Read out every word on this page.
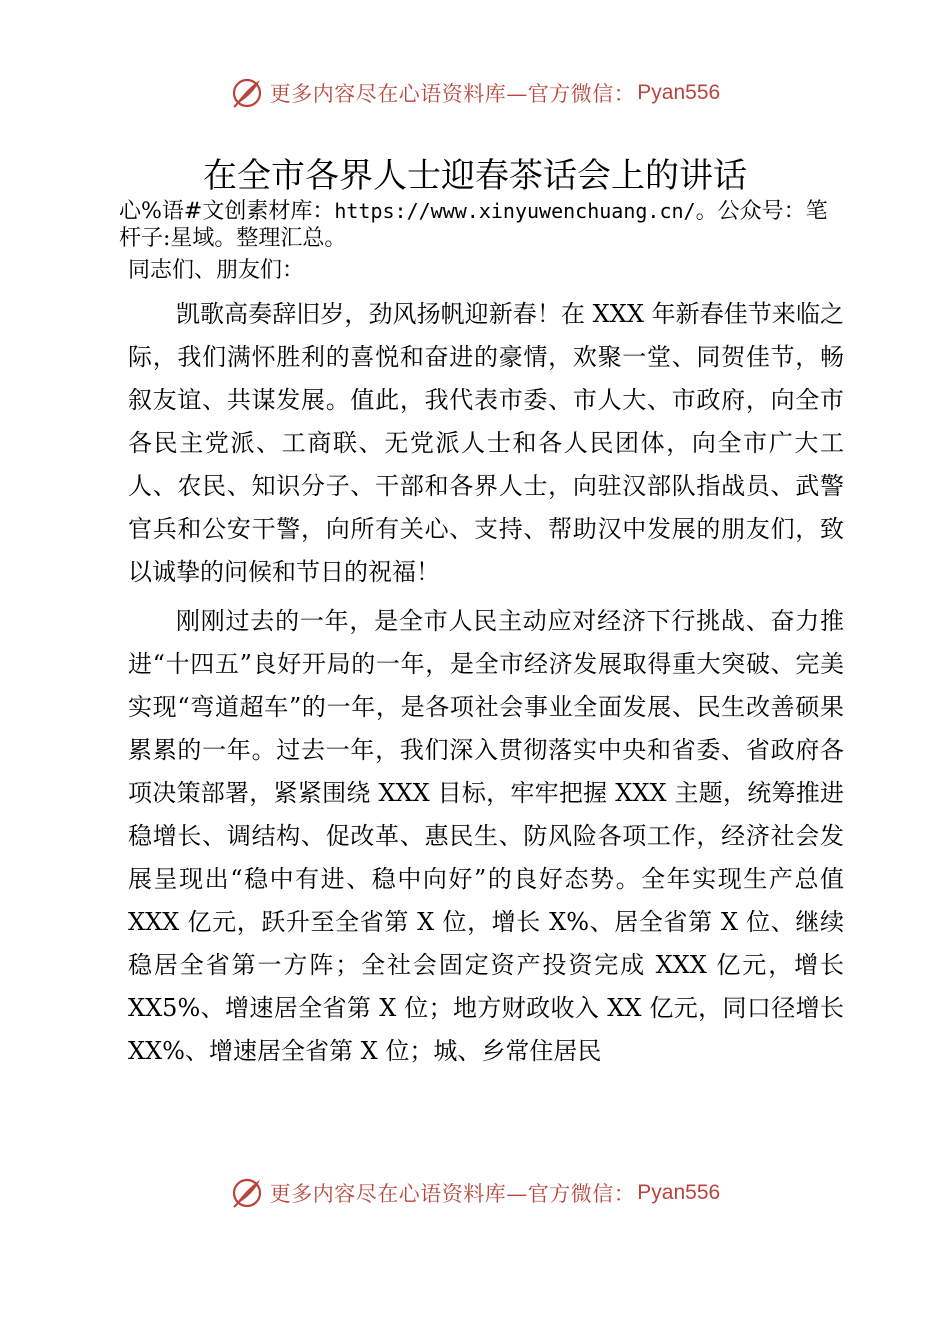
更多内容尽在心语资料库—官方微信： Pyan556
在全市各界人士迎春茶话会上的讲话

心%语#文创素材库：https://www.xinyuwenchuang.cn/。公众号：笔杆子:星域。整理汇总。

同志们、朋友们：

凯歌高奏辞旧岁，劲风扬帆迎新春！在 XXX 年新春佳节来临之际，我们满怀胜利的喜悦和奋进的豪情，欢聚一堂、同贺佳节，畅叙友谊、共谋发展。值此，我代表市委、市人大、市政府，向全市各民主党派、工商联、无党派人士和各人民团体，向全市广大工人、农民、知识分子、干部和各界人士，向驻汉部队指战员、武警官兵和公安干警，向所有关心、支持、帮助汉中发展的朋友们，致以诚挚的问候和节日的祝福！

刚刚过去的一年，是全市人民主动应对经济下行挑战、奋力推进“十四五”良好开局的一年，是全市经济发展取得重大突破、完美实现“弯道超车”的一年，是各项社会事业全面发展、民生改善硕果累累的一年。过去一年，我们深入贯彻落实中央和省委、省政府各项决策部署，紧紧围绕 XXX 目标，牢牢把握 XXX 主题，统筹推进稳增长、调结构、促改革、惠民生、防风险各项工作，经济社会发展呈现出“稳中有进、稳中向好”的良好态势。全年实现生产总值 XXX 亿元，跃升至全省第 X 位，增长 X%、居全省第 X 位、继续稳居全省第一方阵；全社会固定资产投资完成 XXX 亿元，增长 XX5%、增速居全省第 X 位；地方财政收入 XX 亿元，同口径增长 XX%、增速居全省第 X 位；城、乡常住居民

更多内容尽在心语资料库—官方微信： Pyan556
